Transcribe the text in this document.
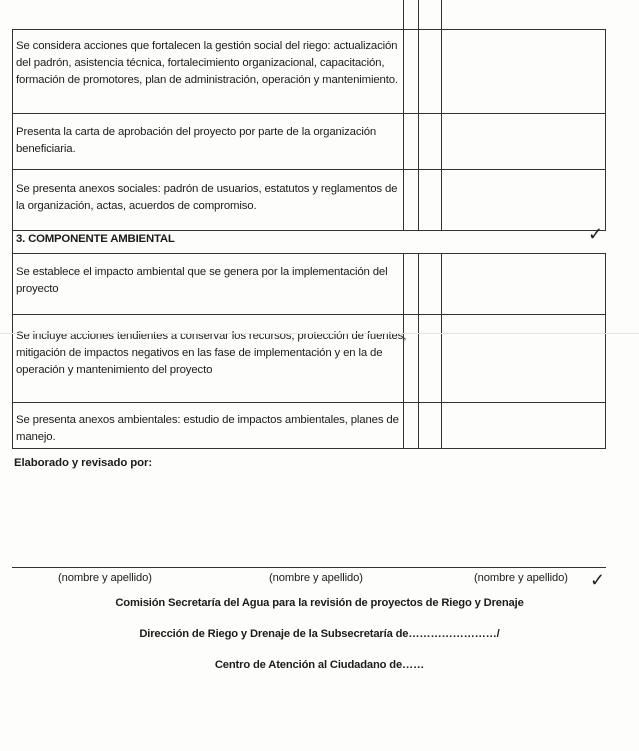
Se considera acciones que fortalecen la gestión social del riego: actualización del padrón, asistencia técnica, fortalecimiento organizacional, capacitación, formación de promotores, plan de administración, operación y mantenimiento.
Presenta la carta de aprobación del proyecto por parte de la organización beneficiaria.
Se presenta anexos sociales: padrón de usuarios, estatutos y reglamentos de la organización, actas, acuerdos de compromiso.
3. COMPONENTE AMBIENTAL
Se establece el impacto ambiental que se genera por la implementación del proyecto
Se incluye acciones tendientes a conservar los recursos, protección de fuentes, mitigación de impactos negativos en las fase de implementación y en la de operación y mantenimiento del proyecto
Se presenta anexos ambientales: estudio de impactos ambientales, planes de manejo.
✓
Elaborado y revisado por:
(nombre y apellido)	(nombre y apellido)	(nombre y apellido) ✓
Comisión Secretaría del Agua para la revisión de proyectos de Riego y Drenaje
Dirección de Riego y Drenaje de la Subsecretaría de……………………/
Centro de Atención al Ciudadano de……
